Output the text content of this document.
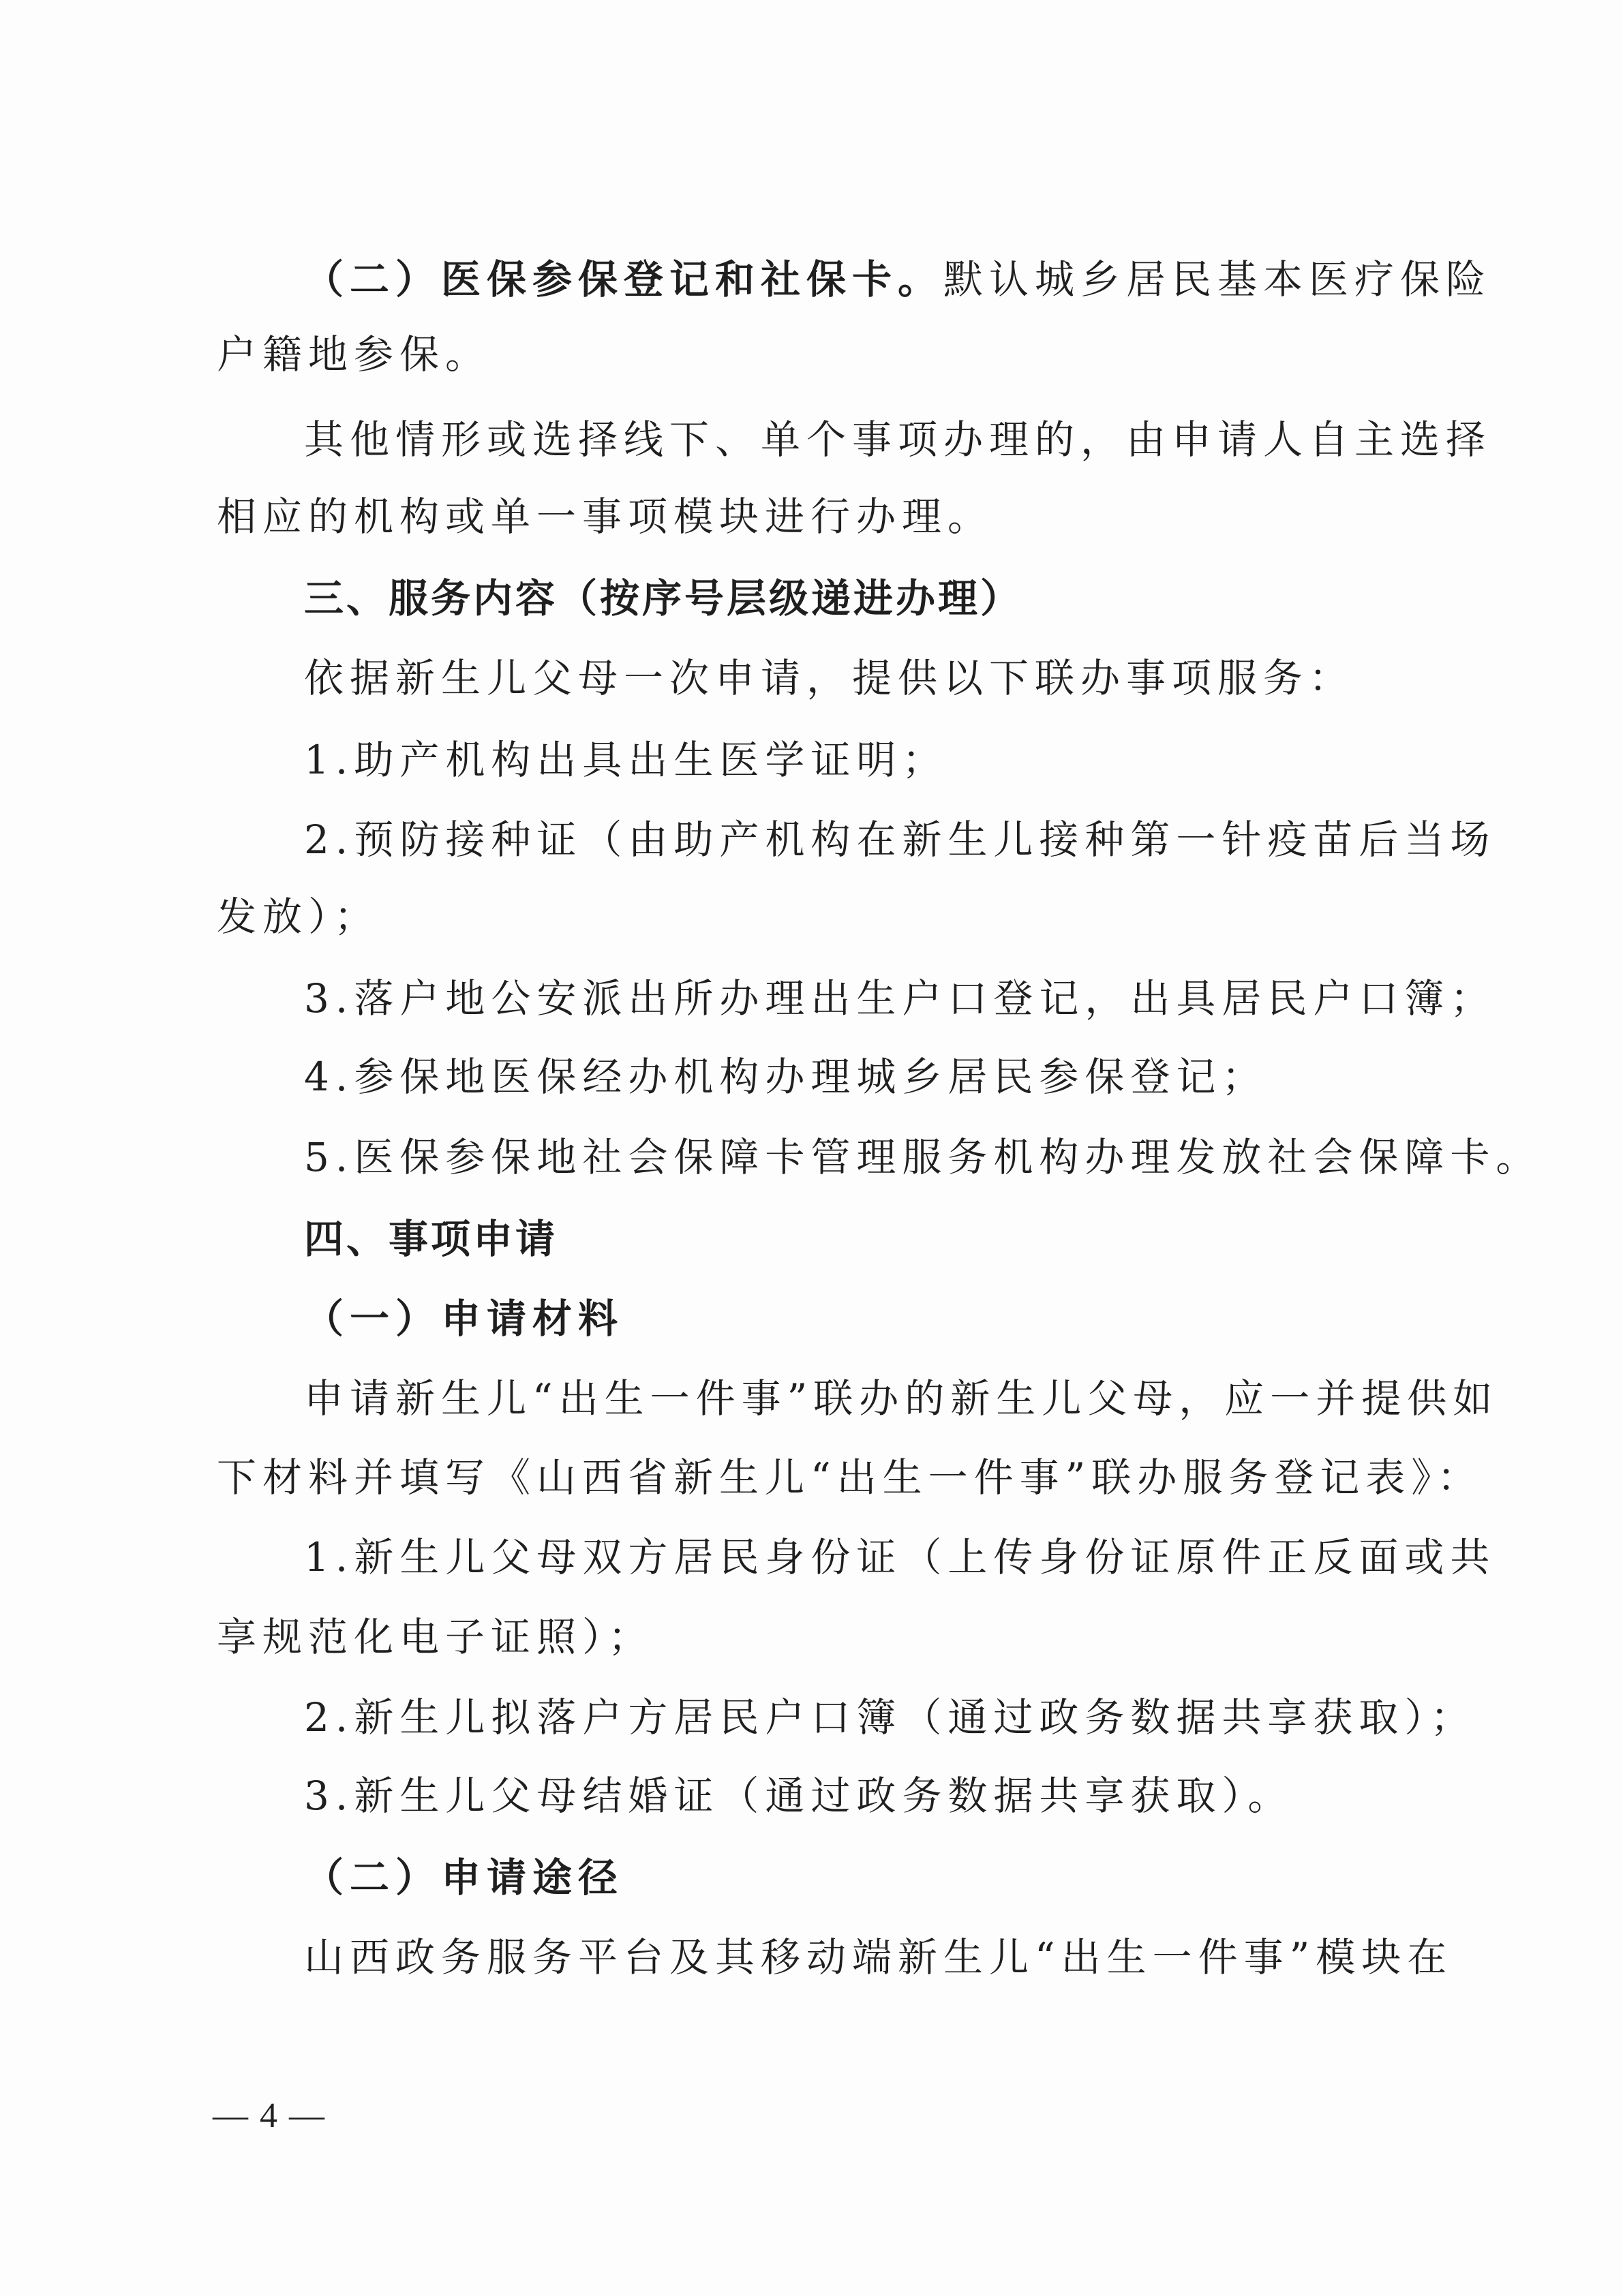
（二）医保参保登记和社保卡。默认城乡居民基本医疗保险

户籍地参保。

其他情形或选择线下、单个事项办理的，由申请人自主选择

相应的机构或单一事项模块进行办理。

三、服务内容（按序号层级递进办理）

依据新生儿父母一次申请，提供以下联办事项服务：

1.助产机构出具出生医学证明；

2.预防接种证（由助产机构在新生儿接种第一针疫苗后当场

发放）；

3.落户地公安派出所办理出生户口登记，出具居民户口簿；

4.参保地医保经办机构办理城乡居民参保登记；

5.医保参保地社会保障卡管理服务机构办理发放社会保障卡。

四、事项申请

（一）申请材料

申请新生儿“出生一件事”联办的新生儿父母，应一并提供如

下材料并填写《山西省新生儿“出生一件事”联办服务登记表》：

1.新生儿父母双方居民身份证（上传身份证原件正反面或共

享规范化电子证照）；

2.新生儿拟落户方居民户口簿（通过政务数据共享获取）；

3.新生儿父母结婚证（通过政务数据共享获取）。

（二）申请途径

山西政务服务平台及其移动端新生儿“出生一件事”模块在

— 4 —
